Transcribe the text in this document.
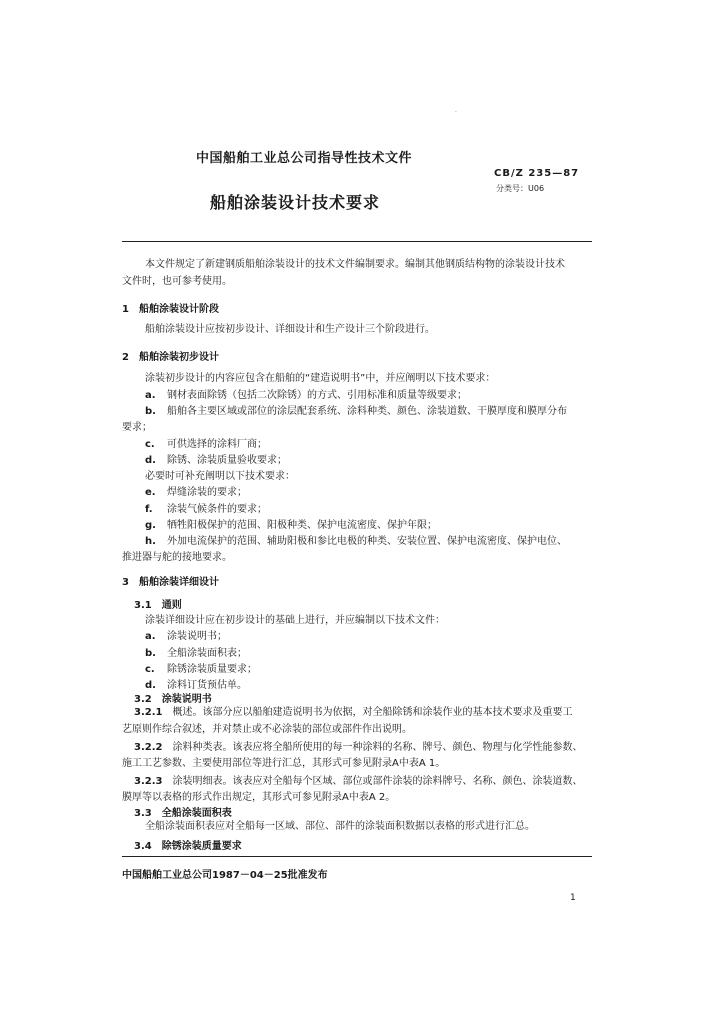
.
中国船舶工业总公司指导性技术文件
CB/Z 235—87
分类号：U06
船舶涂装设计技术要求
本文件规定了新建钢质船舶涂装设计的技术文件编制要求。编制其他钢质结构物的涂装设计技术
文件时，也可参考使用。
1　船舶涂装设计阶段
船舶涂装设计应按初步设计、详细设计和生产设计三个阶段进行。
2　船舶涂装初步设计
涂装初步设计的内容应包含在船舶的“建造说明书”中，并应阐明以下技术要求：
a. 钢材表面除锈（包括二次除锈）的方式、引用标准和质量等级要求；
b. 船舶各主要区域或部位的涂层配套系统、涂料种类、颜色、涂装道数、干膜厚度和膜厚分布
要求；
c. 可供选择的涂料厂商；
d. 除锈、涂装质量验收要求；
必要时可补充阐明以下技术要求：
e. 焊缝涂装的要求；
f. 涂装气候条件的要求；
g. 牺牲阳极保护的范围、阳极种类、保护电流密度、保护年限；
h. 外加电流保护的范围、辅助阳极和参比电极的种类、安装位置、保护电流密度、保护电位、
推进器与舵的接地要求。
3　船舶涂装详细设计
3.1　通则
涂装详细设计应在初步设计的基础上进行，并应编制以下技术文件：
a. 涂装说明书；
b. 全船涂装面积表；
c. 除锈涂装质量要求；
d. 涂料订货预估单。
3.2　涂装说明书
3.2.1　 概述。该部分应以船舶建造说明书为依据，对全船除锈和涂装作业的基本技术要求及重要工
艺原则作综合叙述，并对禁止或不必涂装的部位或部件作出说明。
3.2.2　 涂料种类表。该表应将全船所使用的每一种涂料的名称、牌号、颜色、物理与化学性能参数、
施工工艺参数、主要使用部位等进行汇总，其形式可参见附录A中表A 1。
3.2.3　 涂装明细表。该表应对全船每个区域、部位或部件涂装的涂料牌号、名称、颜色、涂装道数、
膜厚等以表格的形式作出规定，其形式可参见附录A中表A 2。
3.3　全船涂装面积表
全船涂装面积表应对全船每一区域、部位、部件的涂装面积数据以表格的形式进行汇总。
3.4　除锈涂装质量要求
中国船舶工业总公司1987－04－25批准发布
1
